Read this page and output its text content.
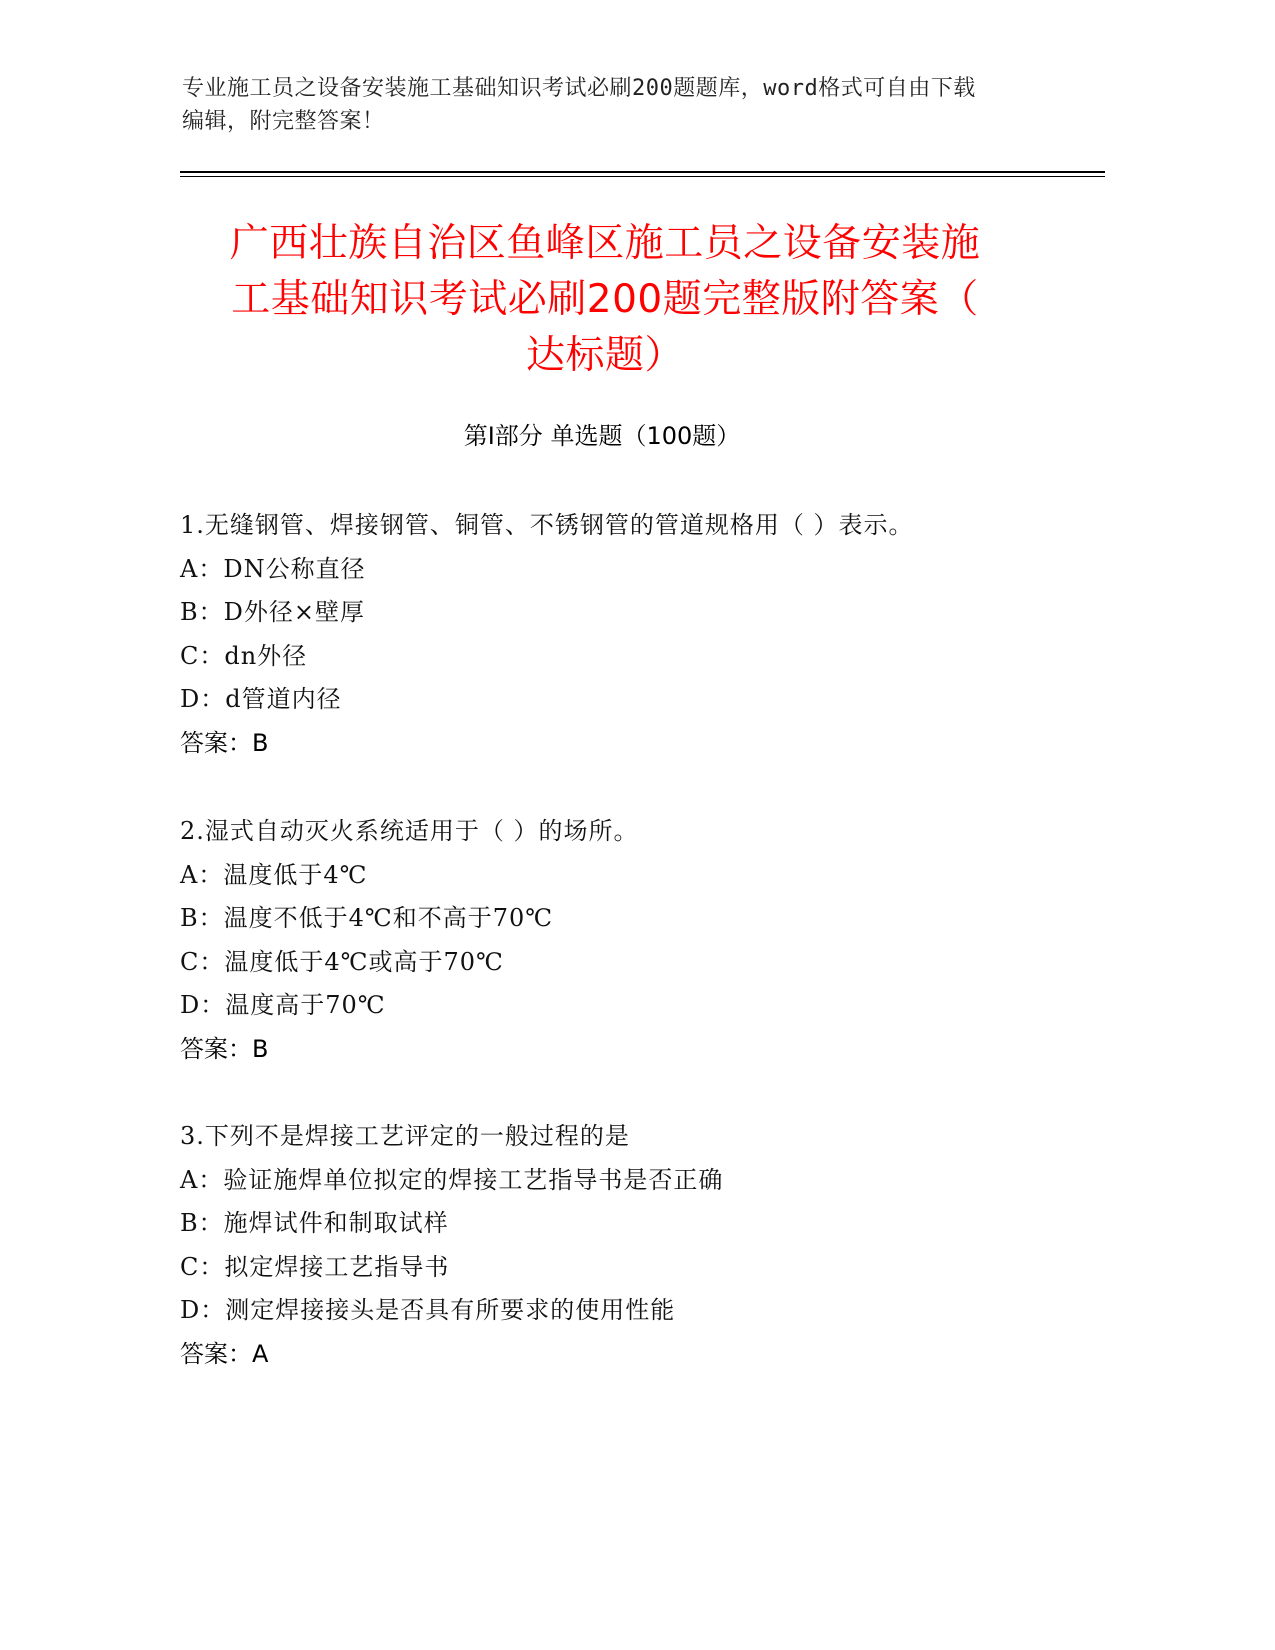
专业施工员之设备安装施工基础知识考试必刷200题题库，word格式可自由下载
编辑，附完整答案！
广西壮族自治区鱼峰区施工员之设备安装施
工基础知识考试必刷200题完整版附答案（
达标题）
第Ⅰ部分 单选题（100题）
1.无缝钢管、焊接钢管、铜管、不锈钢管的管道规格用（ ）表示。
A：DN公称直径
B：D外径×壁厚
C：dn外径
D：d管道内径
答案：B
2.湿式自动灭火系统适用于（ ）的场所。
A：温度低于4℃
B：温度不低于4℃和不高于70℃
C：温度低于4℃或高于70℃
D：温度高于70℃
答案：B
3.下列不是焊接工艺评定的一般过程的是
A：验证施焊单位拟定的焊接工艺指导书是否正确
B：施焊试件和制取试样
C：拟定焊接工艺指导书
D：测定焊接接头是否具有所要求的使用性能
答案：A
